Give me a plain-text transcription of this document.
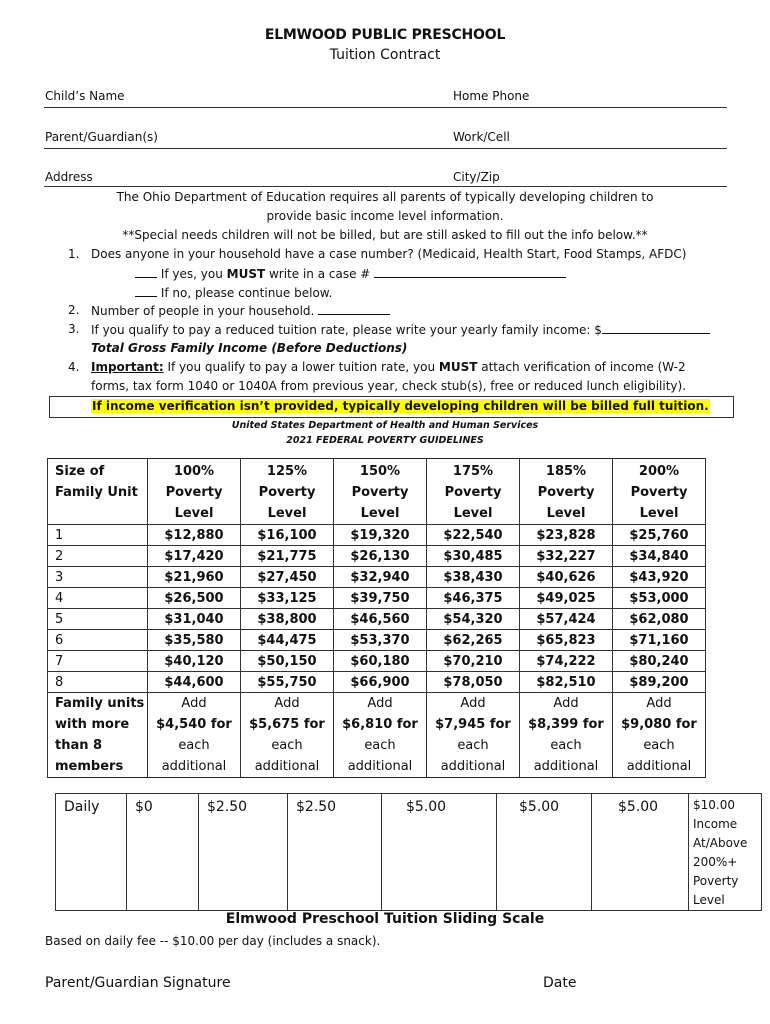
ELMWOOD PUBLIC PRESCHOOL
Tuition Contract
Child’s Name	Home Phone
Parent/Guardian(s)	Work/Cell
Address	City/Zip
The Ohio Department of Education requires all parents of typically developing children to
provide basic income level information.
**Special needs children will not be billed, but are still asked to fill out the info below.**
1. Does anyone in your household have a case number? (Medicaid, Health Start, Food Stamps, AFDC)
If yes, you MUST write in a case #
If no, please continue below.
2. Number of people in your household.
3. If you qualify to pay a reduced tuition rate, please write your yearly family income: $
Total Gross Family Income (Before Deductions)
4. Important: If you qualify to pay a lower tuition rate, you MUST attach verification of income (W-2
forms, tax form 1040 or 1040A from previous year, check stub(s), free or reduced lunch eligibility).
If income verification isn’t provided, typically developing children will be billed full tuition.
United States Department of Health and Human Services
2021 FEDERAL POVERTY GUIDELINES
Size of	100%	125%	150%	175%	185%	200%
Family Unit	Poverty	Poverty	Poverty	Poverty	Poverty	Poverty
	Level	Level	Level	Level	Level	Level
1	$12,880	$16,100	$19,320	$22,540	$23,828	$25,760
2	$17,420	$21,775	$26,130	$30,485	$32,227	$34,840
3	$21,960	$27,450	$32,940	$38,430	$40,626	$43,920
4	$26,500	$33,125	$39,750	$46,375	$49,025	$53,000
5	$31,040	$38,800	$46,560	$54,320	$57,424	$62,080
6	$35,580	$44,475	$53,370	$62,265	$65,823	$71,160
7	$40,120	$50,150	$60,180	$70,210	$74,222	$80,240
8	$44,600	$55,750	$66,900	$78,050	$82,510	$89,200
Family units	Add	Add	Add	Add	Add	Add
with more	$4,540 for	$5,675 for	$6,810 for	$7,945 for	$8,399 for	$9,080 for
than 8	each	each	each	each	each	each
members	additional	additional	additional	additional	additional	additional
Daily	$0	$2.50	$2.50	$5.00	$5.00	$5.00	$10.00
Income
At/Above
200%+
Poverty
Level
Elmwood Preschool Tuition Sliding Scale
Based on daily fee -- $10.00 per day (includes a snack).
Parent/Guardian Signature	Date
